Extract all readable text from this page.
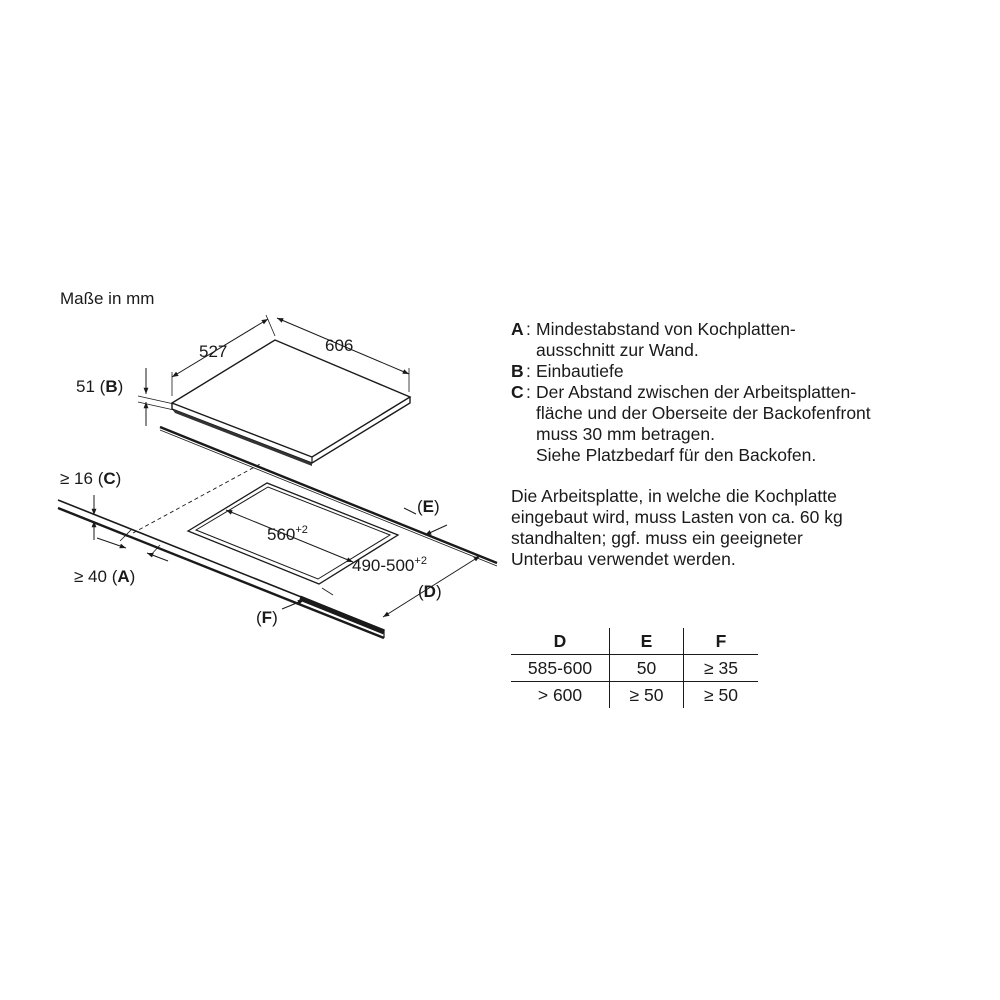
Maße in mm
527	606
51 (B)
$560^{+2}$
$490-500^{+2}$
(D)
(E)
(F)
≥ 16 (C)
≥ 40 (A)
A : Mindestabstand von Kochplatten-
ausschnitt zur Wand.
B : Einbautiefe
C : Der Abstand zwischen der Arbeitsplatten-
fläche und der Oberseite der Backofenfront
muss 30 mm betragen.
Siehe Platzbedarf für den Backofen.
Die Arbeitsplatte, in welche die Kochplatte
eingebaut wird, muss Lasten von ca. 60 kg
standhalten; ggf. muss ein geeigneter
Unterbau verwendet werden.
D	E	F
585-600	50	≥ 35
> 600	≥ 50	≥ 50
